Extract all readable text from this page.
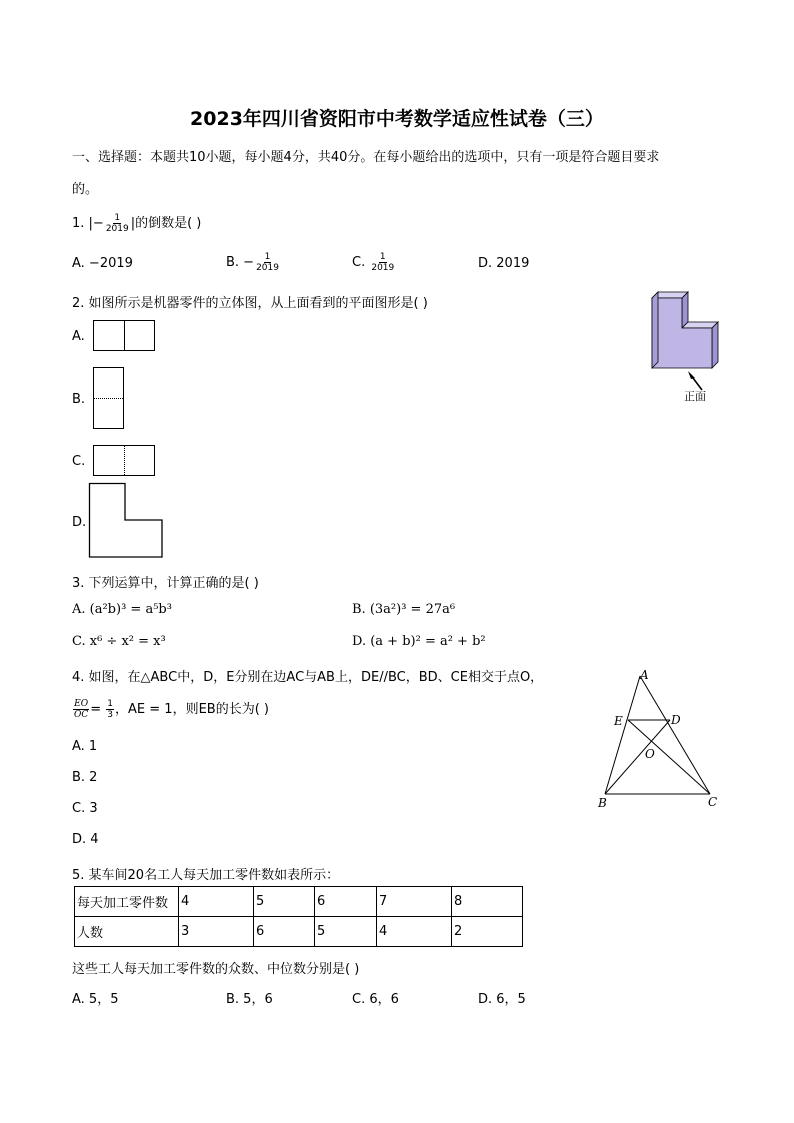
2023年四川省资阳市中考数学适应性试卷（三）
一、选择题：本题共10小题，每小题4分，共40分。在每小题给出的选项中，只有一项是符合题目要求
的。
1. |− $\frac{1}{2019}$ |的倒数是( )
A. −2019	B. − $\frac{1}{2019}$	C. $\frac{1}{2019}$	D. 2019
2. 如图所示是机器零件的立体图，从上面看到的平面图形是( )
正面
A.
B.
C.
D.
3. 下列运算中，计算正确的是( )
A. (a²b)³ = a⁵b³	B. (3a²)³ = 27a⁶
C. x⁶ ÷ x² = x³	D. (a + b)² = a² + b²
4. 如图，在△ABC中，D，E分别在边AC与AB上，DE//BC，BD、CE相交于点O，
$\frac{EO}{OC} = \frac{1}{3}$ ，AE = 1，则EB的长为( )
A. 1
B. 2
C. 3
D. 4
A
E	D
O
B	C
5. 某车间20名工人每天加工零件数如表所示：
每天加工零件数	4	5	6	7	8
人数	3	6	5	4	2
这些工人每天加工零件数的众数、中位数分别是( )
A. 5，5	B. 5，6	C. 6，6	D. 6，5
